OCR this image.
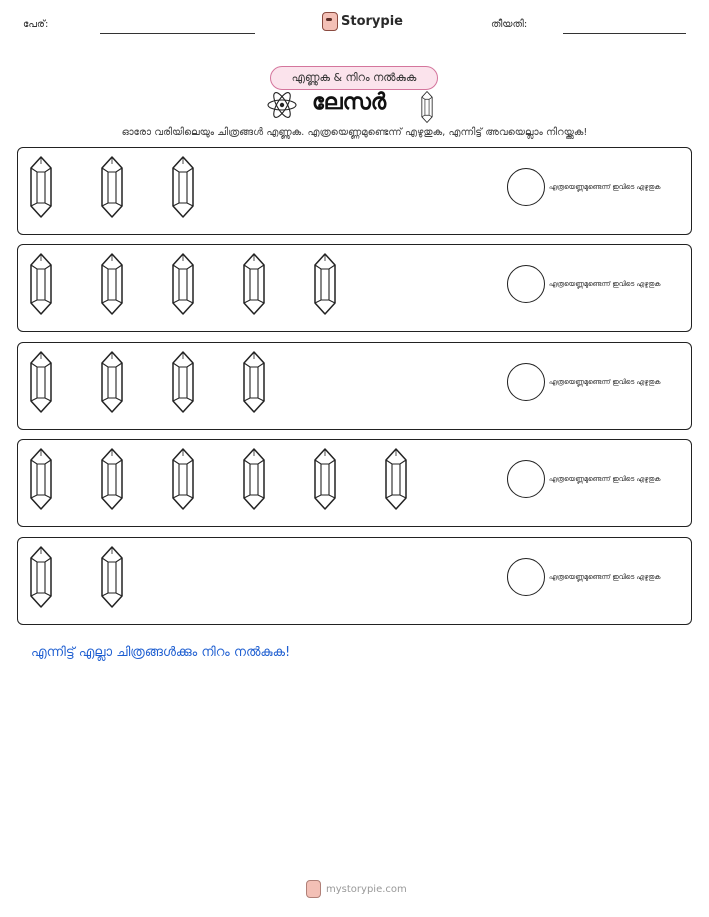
പേര്:	Storypie	തീയതി:
എണ്ണുക & നിറം നൽകുക
ലേസർ
ഓരോ വരിയിലെയും ചിത്രങ്ങൾ എണ്ണുക. എത്രയെണ്ണമുണ്ടെന്ന് എഴുതുക, എന്നിട്ട് അവയെല്ലാം നിറയ്ക്കുക!
എത്രയെണ്ണമുണ്ടെന്ന് ഇവിടെ എഴുതുക
എത്രയെണ്ണമുണ്ടെന്ന് ഇവിടെ എഴുതുക
എത്രയെണ്ണമുണ്ടെന്ന് ഇവിടെ എഴുതുക
എത്രയെണ്ണമുണ്ടെന്ന് ഇവിടെ എഴുതുക
എത്രയെണ്ണമുണ്ടെന്ന് ഇവിടെ എഴുതുക
എന്നിട്ട് എല്ലാ ചിത്രങ്ങൾക്കും നിറം നൽകുക!
mystorypie.com
